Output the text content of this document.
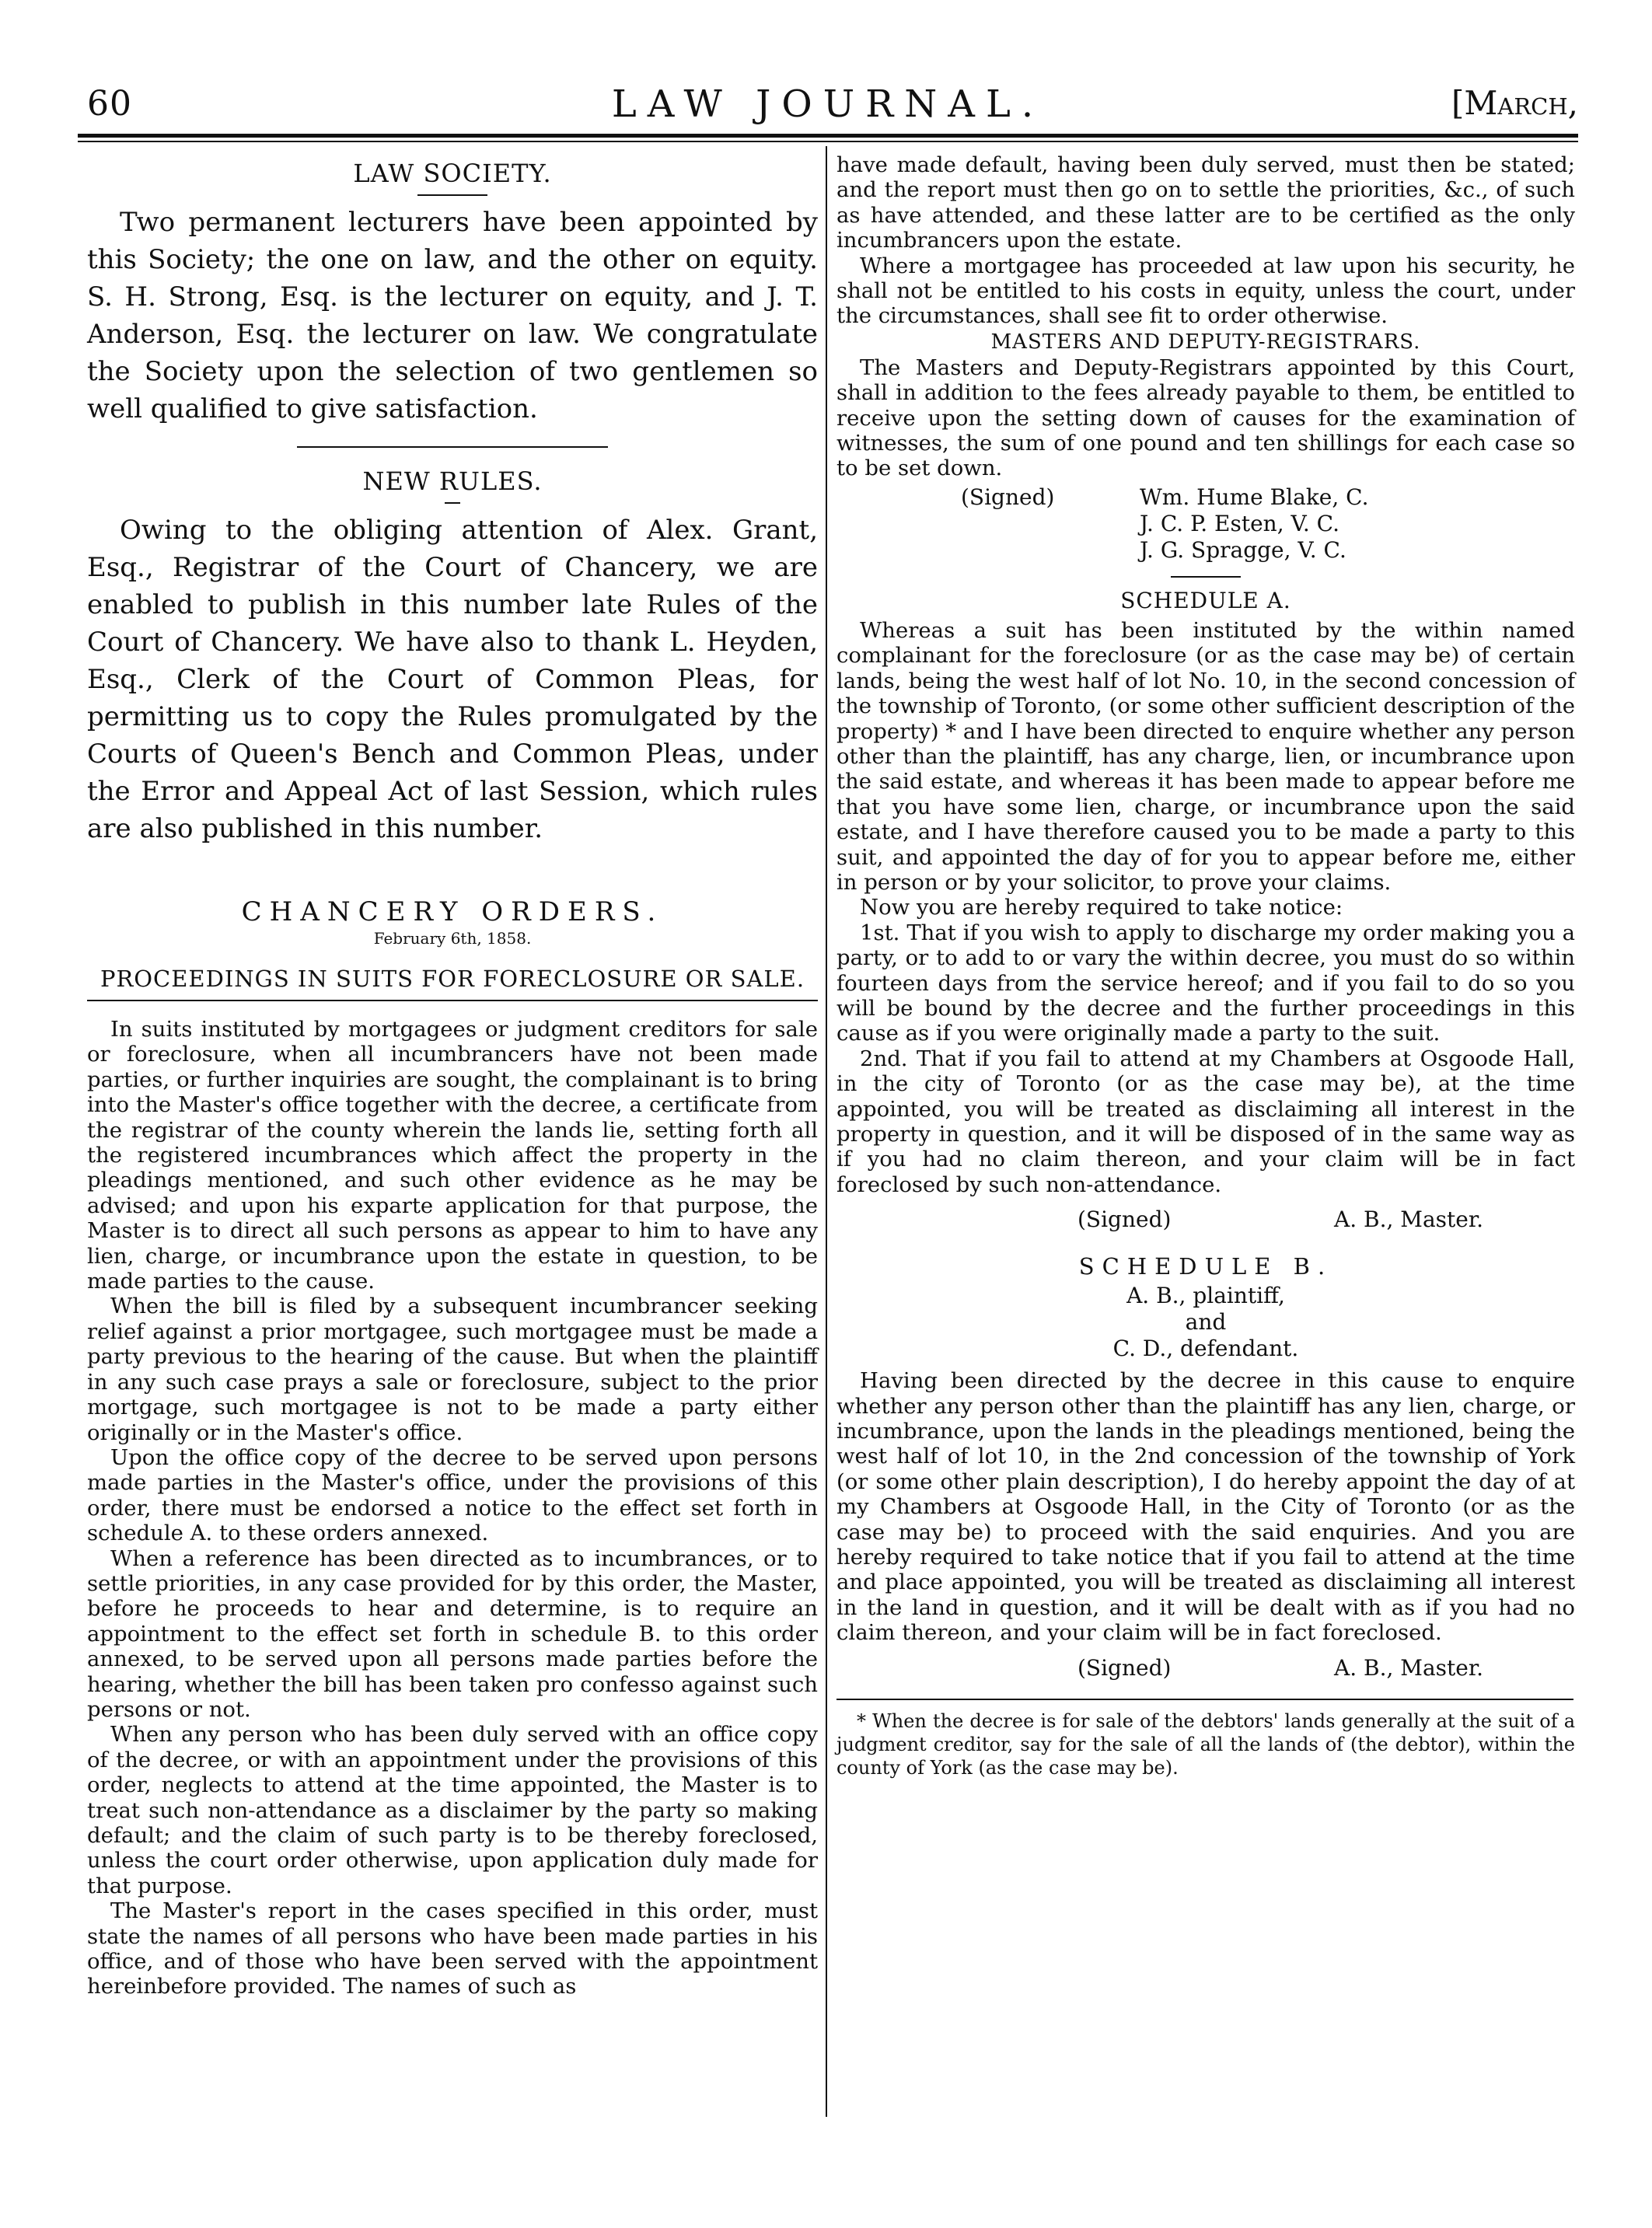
60	LAW JOURNAL.	[March,
LAW SOCIETY.

Two permanent lecturers have been appointed by this Society; the one on law, and the other on equity. S. H. Strong, Esq. is the lecturer on equity, and J. T. Anderson, Esq. the lecturer on law. We congratulate the Society upon the selection of two gentlemen so well qualified to give satisfaction.

NEW RULES.

Owing to the obliging attention of Alex. Grant, Esq., Registrar of the Court of Chancery, we are enabled to publish in this number late Rules of the Court of Chancery. We have also to thank L. Heyden, Esq., Clerk of the Court of Common Pleas, for permitting us to copy the Rules promulgated by the Courts of Queen's Bench and Common Pleas, under the Error and Appeal Act of last Session, which rules are also published in this number.

CHANCERY ORDERS.
February 6th, 1858.
PROCEEDINGS IN SUITS FOR FORECLOSURE OR SALE.

In suits instituted by mortgagees or judgment creditors for sale or foreclosure, when all incumbrancers have not been made parties, or further inquiries are sought, the complainant is to bring into the Master's office together with the decree, a certificate from the registrar of the county wherein the lands lie, setting forth all the registered incumbrances which affect the property in the pleadings mentioned, and such other evidence as he may be advised; and upon his exparte application for that purpose, the Master is to direct all such persons as appear to him to have any lien, charge, or incumbrance upon the estate in question, to be made parties to the cause.

When the bill is filed by a subsequent incumbrancer seeking relief against a prior mortgagee, such mortgagee must be made a party previous to the hearing of the cause. But when the plaintiff in any such case prays a sale or foreclosure, subject to the prior mortgage, such mortgagee is not to be made a party either originally or in the Master's office.

Upon the office copy of the decree to be served upon persons made parties in the Master's office, under the provisions of this order, there must be endorsed a notice to the effect set forth in schedule A. to these orders annexed.

When a reference has been directed as to incumbrances, or to settle priorities, in any case provided for by this order, the Master, before he proceeds to hear and determine, is to require an appointment to the effect set forth in schedule B. to this order annexed, to be served upon all persons made parties before the hearing, whether the bill has been taken pro confesso against such persons or not.

When any person who has been duly served with an office copy of the decree, or with an appointment under the provisions of this order, neglects to attend at the time appointed, the Master is to treat such non-attendance as a disclaimer by the party so making default; and the claim of such party is to be thereby foreclosed, unless the court order otherwise, upon application duly made for that purpose.

The Master's report in the cases specified in this order, must state the names of all persons who have been made parties in his office, and of those who have been served with the appointment hereinbefore provided. The names of such as

have made default, having been duly served, must then be stated; and the report must then go on to settle the priorities, &c., of such as have attended, and these latter are to be certified as the only incumbrancers upon the estate.

Where a mortgagee has proceeded at law upon his security, he shall not be entitled to his costs in equity, unless the court, under the circumstances, shall see fit to order otherwise.

MASTERS AND DEPUTY-REGISTRARS.

The Masters and Deputy-Registrars appointed by this Court, shall in addition to the fees already payable to them, be entitled to receive upon the setting down of causes for the examination of witnesses, the sum of one pound and ten shillings for each case so to be set down.

(Signed)	Wm. Hume Blake, C.
J. C. P. Esten, V. C.
J. G. Spragge, V. C.
SCHEDULE A.

Whereas a suit has been instituted by the within named complainant for the foreclosure (or as the case may be) of certain lands, being the west half of lot No. 10, in the second concession of the township of Toronto, (or some other sufficient description of the property) * and I have been directed to enquire whether any person other than the plaintiff, has any charge, lien, or incumbrance upon the said estate, and whereas it has been made to appear before me that you have some lien, charge, or incumbrance upon the said estate, and I have therefore caused you to be made a party to this suit, and appointed the day of for you to appear before me, either in person or by your solicitor, to prove your claims.

Now you are hereby required to take notice:

1st. That if you wish to apply to discharge my order making you a party, or to add to or vary the within decree, you must do so within fourteen days from the service hereof; and if you fail to do so you will be bound by the decree and the further proceedings in this cause as if you were originally made a party to the suit.

2nd. That if you fail to attend at my Chambers at Osgoode Hall, in the city of Toronto (or as the case may be), at the time appointed, you will be treated as disclaiming all interest in the property in question, and it will be disposed of in the same way as if you had no claim thereon, and your claim will be in fact foreclosed by such non-attendance.

(Signed)	A. B., Master.
SCHEDULE B.
A. B., plaintiff,
and
C. D., defendant.

Having been directed by the decree in this cause to enquire whether any person other than the plaintiff has any lien, charge, or incumbrance, upon the lands in the pleadings mentioned, being the west half of lot 10, in the 2nd concession of the township of York (or some other plain description), I do hereby appoint the day of at my Chambers at Osgoode Hall, in the City of Toronto (or as the case may be) to proceed with the said enquiries. And you are hereby required to take notice that if you fail to attend at the time and place appointed, you will be treated as disclaiming all interest in the land in question, and it will be dealt with as if you had no claim thereon, and your claim will be in fact foreclosed.

(Signed)	A. B., Master.

* When the decree is for sale of the debtors' lands generally at the suit of a judgment creditor, say for the sale of all the lands of (the debtor), within the county of York (as the case may be).
